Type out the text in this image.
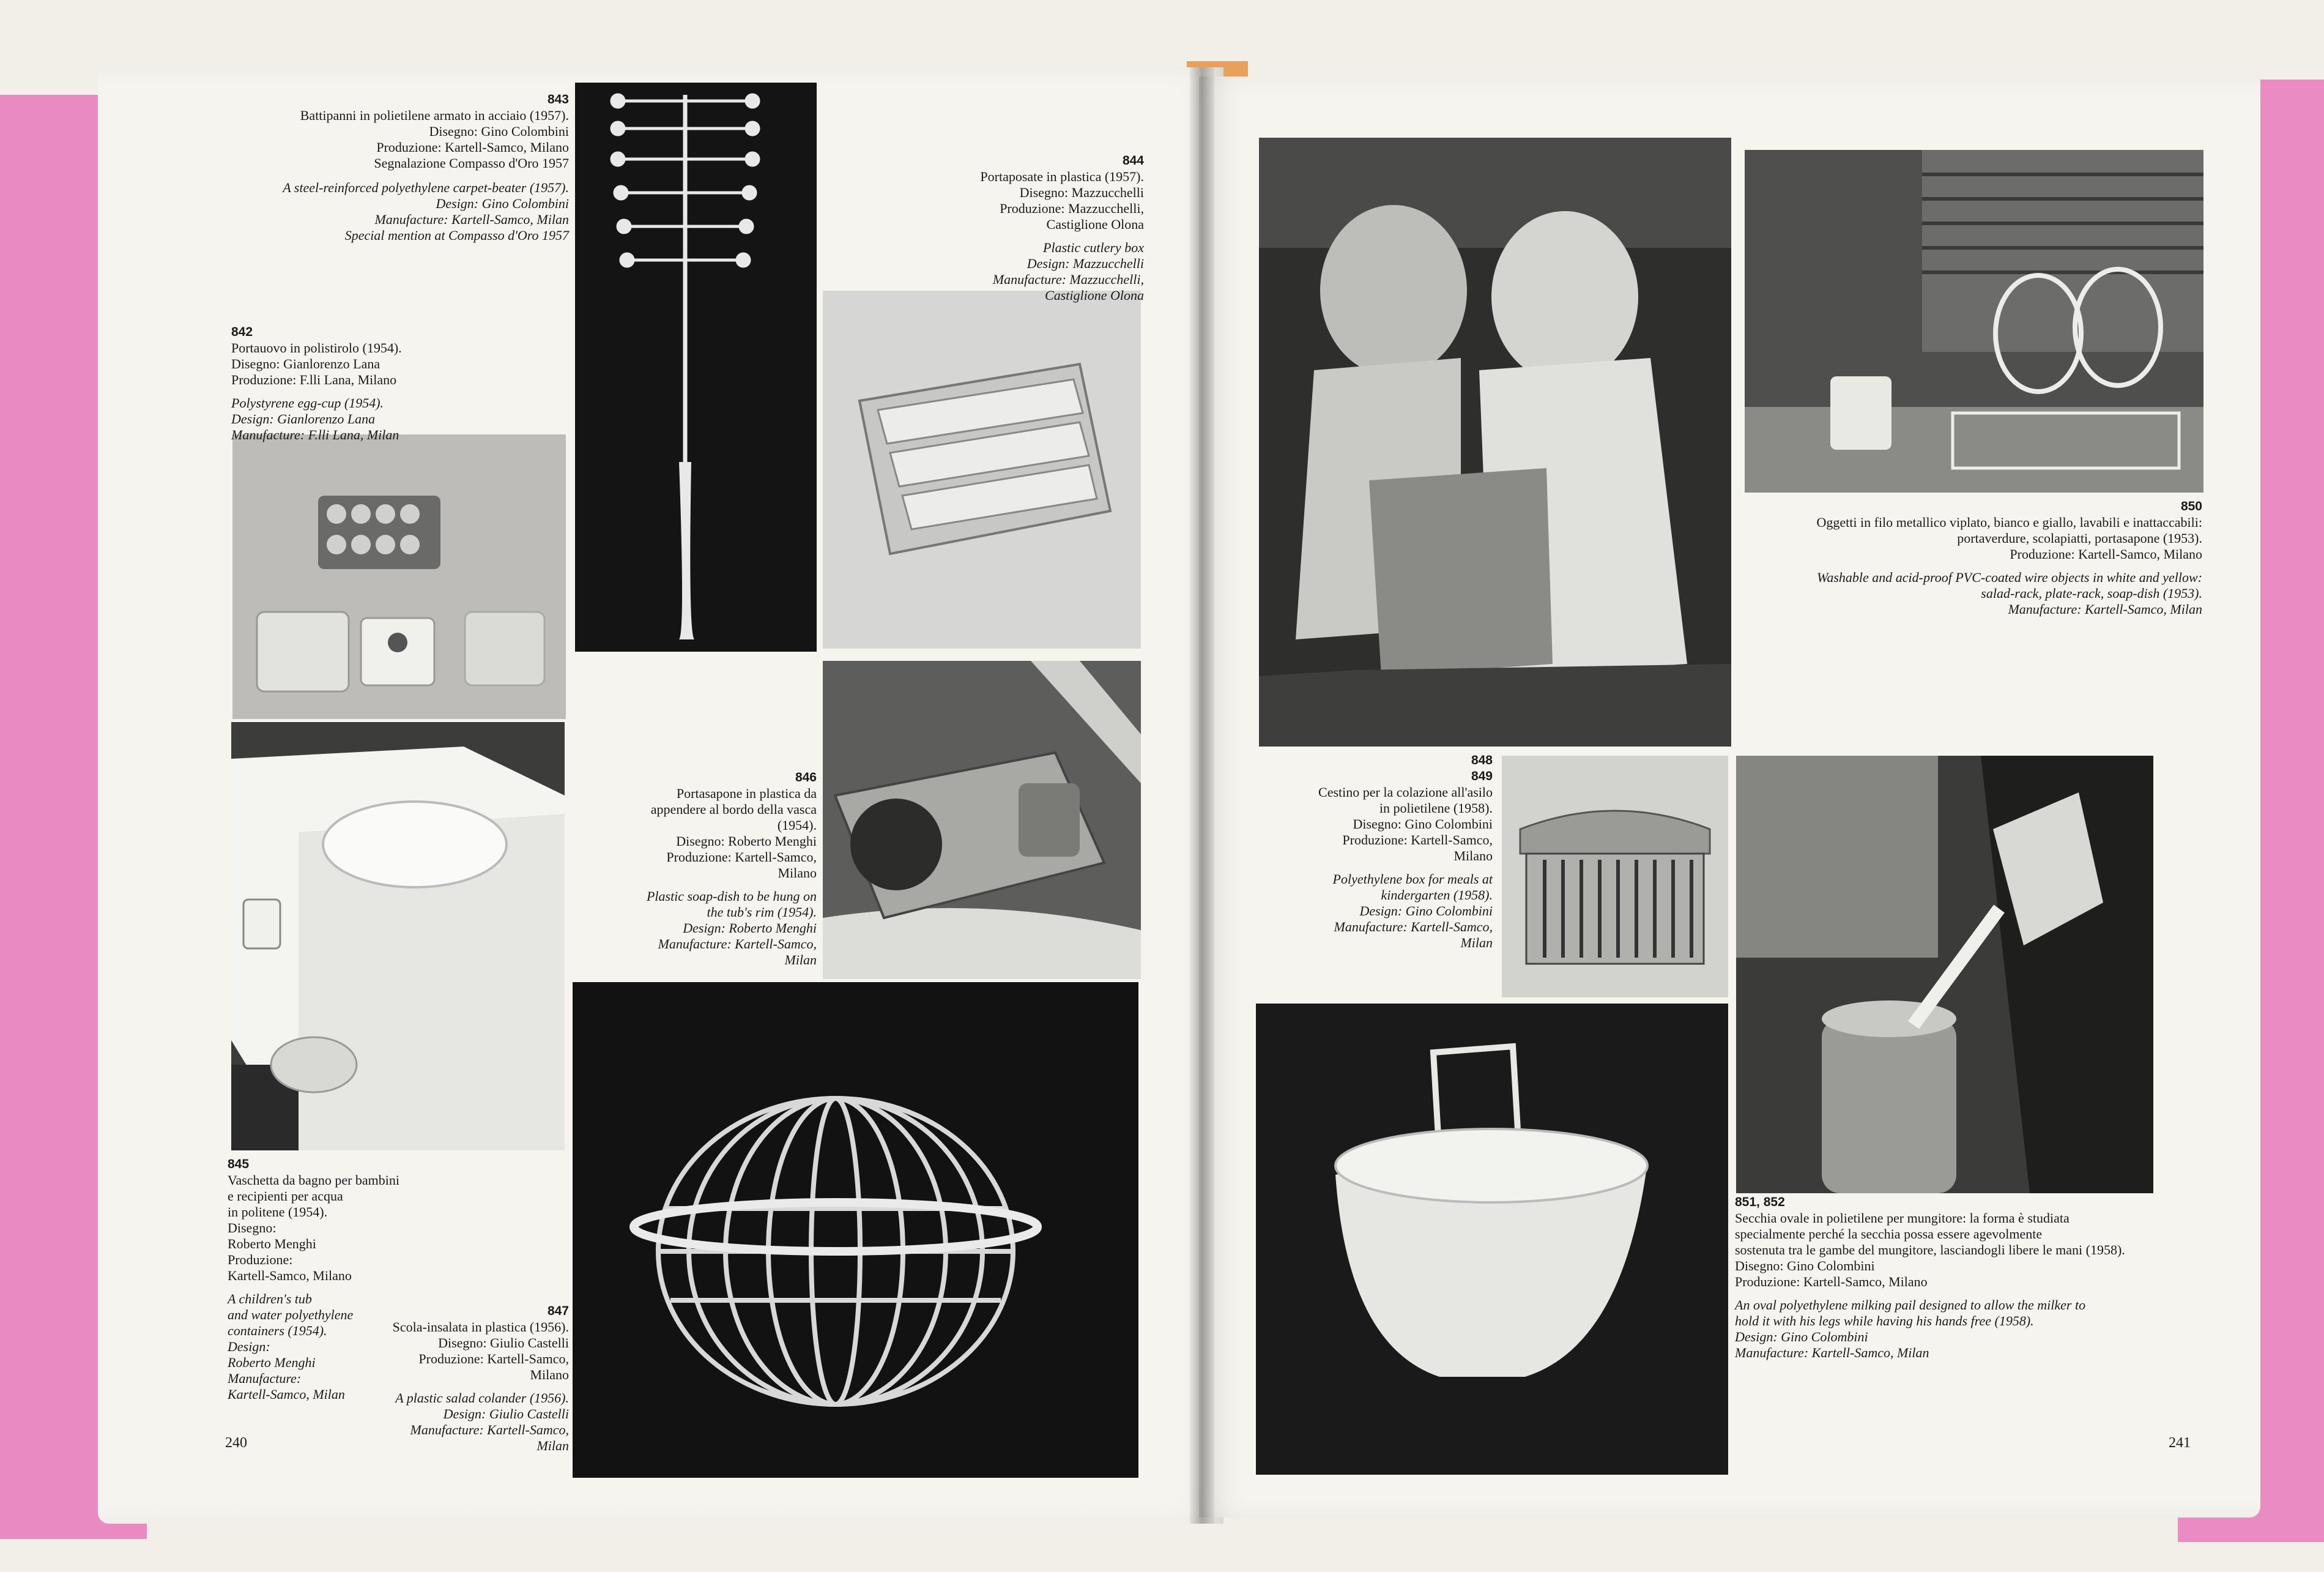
843
Battipanni in polietilene armato in acciaio (1957).
Disegno: Gino Colombini
Produzione: Kartell-Samco, Milano
Segnalazione Compasso d'Oro 1957
A steel-reinforced polyethylene carpet-beater (1957).
Design: Gino Colombini
Manufacture: Kartell-Samco, Milan
Special mention at Compasso d'Oro 1957
842
Portauovo in polistirolo (1954).
Disegno: Gianlorenzo Lana
Produzione: F.lli Lana, Milano
Polystyrene egg-cup (1954).
Design: Gianlorenzo Lana
Manufacture: F.lli Lana, Milan
844
Portaposate in plastica (1957).
Disegno: Mazzucchelli
Produzione: Mazzucchelli,
Castiglione Olona
Plastic cutlery box
Design: Mazzucchelli
Manufacture: Mazzucchelli,
Castiglione Olona
846
Portasapone in plastica da
appendere al bordo della vasca
(1954).
Disegno: Roberto Menghi
Produzione: Kartell-Samco,
Milano
Plastic soap-dish to be hung on
the tub's rim (1954).
Design: Roberto Menghi
Manufacture: Kartell-Samco,
Milan
845
Vaschetta da bagno per bambini
e recipienti per acqua
in politene (1954).
Disegno:
Roberto Menghi
Produzione:
Kartell-Samco, Milano
A children's tub
and water polyethylene
containers (1954).
Design:
Roberto Menghi
Manufacture:
Kartell-Samco, Milan
847
Scola-insalata in plastica (1956).
Disegno: Giulio Castelli
Produzione: Kartell-Samco,
Milano
A plastic salad colander (1956).
Design: Giulio Castelli
Manufacture: Kartell-Samco,
Milan
240
850
Oggetti in filo metallico viplato, bianco e giallo, lavabili e inattaccabili:
portaverdure, scolapiatti, portasapone (1953).
Produzione: Kartell-Samco, Milano
Washable and acid-proof PVC-coated wire objects in white and yellow:
salad-rack, plate-rack, soap-dish (1953).
Manufacture: Kartell-Samco, Milan
848
849
Cestino per la colazione all'asilo
in polietilene (1958).
Disegno: Gino Colombini
Produzione: Kartell-Samco,
Milano
Polyethylene box for meals at
kindergarten (1958).
Design: Gino Colombini
Manufacture: Kartell-Samco,
Milan
851, 852
Secchia ovale in polietilene per mungitore: la forma è studiata
specialmente perché la secchia possa essere agevolmente
sostenuta tra le gambe del mungitore, lasciandogli libere le mani (1958).
Disegno: Gino Colombini
Produzione: Kartell-Samco, Milano
An oval polyethylene milking pail designed to allow the milker to
hold it with his legs while having his hands free (1958).
Design: Gino Colombini
Manufacture: Kartell-Samco, Milan
241
